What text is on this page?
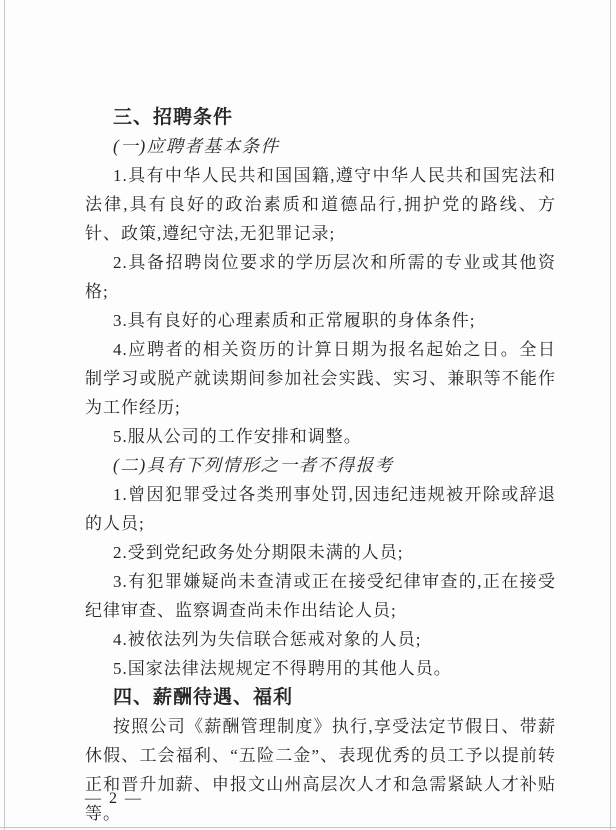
三、招聘条件
(一)应聘者基本条件
1.具有中华人民共和国国籍,遵守中华人民共和国宪法和法律,具有良好的政治素质和道德品行,拥护党的路线、方针、政策,遵纪守法,无犯罪记录;
2.具备招聘岗位要求的学历层次和所需的专业或其他资格;
3.具有良好的心理素质和正常履职的身体条件;
4.应聘者的相关资历的计算日期为报名起始之日。全日制学习或脱产就读期间参加社会实践、实习、兼职等不能作为工作经历;
5.服从公司的工作安排和调整。
(二)具有下列情形之一者不得报考
1.曾因犯罪受过各类刑事处罚,因违纪违规被开除或辞退的人员;
2.受到党纪政务处分期限未满的人员;
3.有犯罪嫌疑尚未查清或正在接受纪律审查的,正在接受纪律审查、监察调查尚未作出结论人员;
4.被依法列为失信联合惩戒对象的人员;
5.国家法律法规规定不得聘用的其他人员。
四、薪酬待遇、福利
按照公司《薪酬管理制度》执行,享受法定节假日、带薪休假、工会福利、“五险二金”、表现优秀的员工予以提前转正和晋升加薪、申报文山州高层次人才和急需紧缺人才补贴等。
— 2 —
